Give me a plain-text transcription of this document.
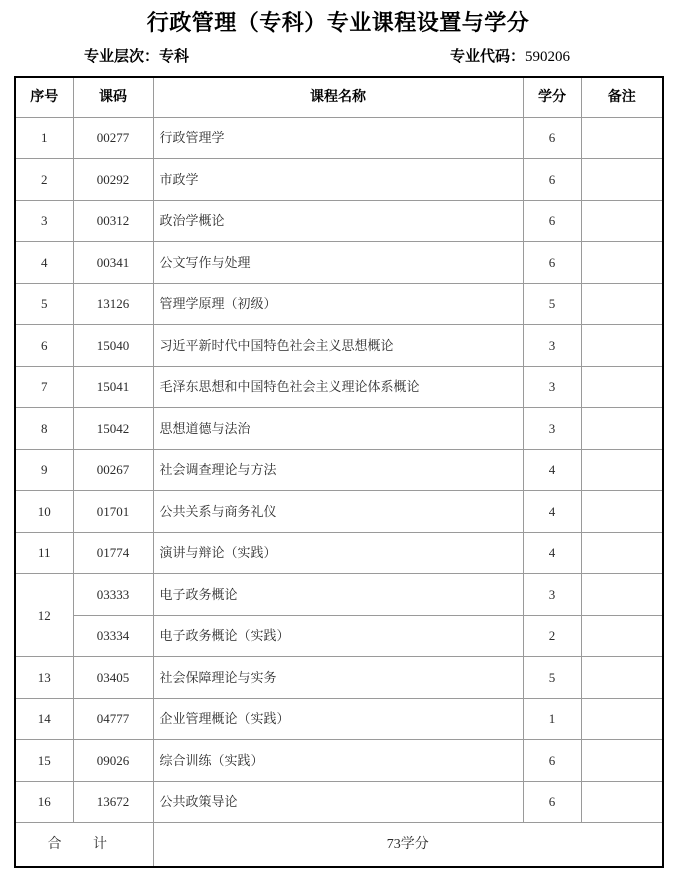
行政管理（专科）专业课程设置与学分
专业层次：专科	专业代码：590206
序号	课码	课程名称	学分	备注
1	00277	行政管理学	6	
2	00292	市政学	6	
3	00312	政治学概论	6	
4	00341	公文写作与处理	6	
5	13126	管理学原理（初级）	5	
6	15040	习近平新时代中国特色社会主义思想概论	3	
7	15041	毛泽东思想和中国特色社会主义理论体系概论	3	
8	15042	思想道德与法治	3	
9	00267	社会调查理论与方法	4	
10	01701	公共关系与商务礼仪	4	
11	01774	演讲与辩论（实践）	4	
12	03333	电子政务概论	3	
	03334	电子政务概论（实践）	2	
13	03405	社会保障理论与实务	5	
14	04777	企业管理概论（实践）	1	
15	09026	综合训练（实践）	6	
16	13672	公共政策导论	6	
合 计		73学分		
